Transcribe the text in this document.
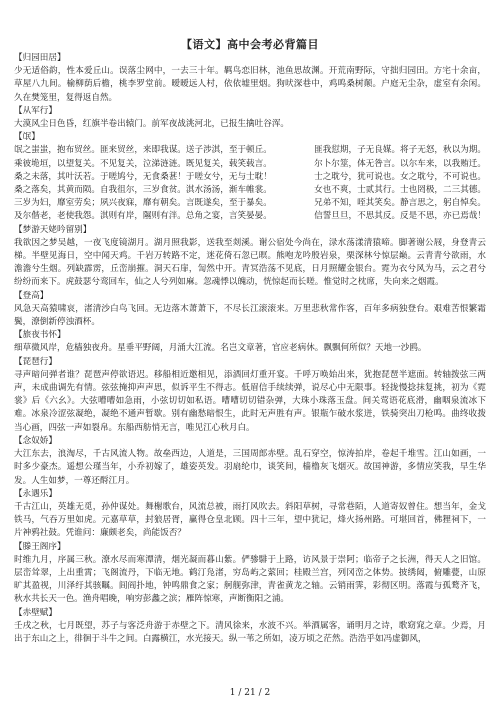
【语文】高中会考必背篇目
【归园田居】
少无适俗韵，性本爱丘山。误落尘网中，一去三十年。羁鸟恋旧林，池鱼思故渊。开荒南野际，守拙归园田。方宅十余亩，草屋八九间。榆柳荫后檐，桃李罗堂前。暧暧远人村，依依墟里烟。狗吠深巷中，鸡鸣桑树颠。户庭无尘杂，虚室有余闲。久在樊笼里，复得返自然。
【从军行】
大漠风尘日色昏，红旗半卷出辕门。前军夜战洮河北，已报生擒吐谷浑。
【氓】
氓之蚩蚩，抱布贸丝。匪来贸丝，来即我谋。送子涉淇，至于顿丘。	匪我愆期，子无良媒。将子无怒，秋以为期。
乘彼垝垣，以望复关。不见复关，泣涕涟涟。既见复关，载笑载言。	尔卜尔筮，体无咎言。以尔车来，以我贿迁。
桑之未落，其叶沃若。于嗟鸠兮，无食桑葚！于嗟女兮，无与士耽！	士之耽兮，犹可说也。女之耽兮，不可说也。
桑之落矣，其黄而陨。自我徂尔，三岁食贫。淇水汤汤，渐车帷裳。	女也不爽，士贰其行。士也罔极，二三其德。
三岁为妇，靡室劳矣；夙兴夜寐，靡有朝矣。言既遂矣，至于暴矣。	兄弟不知，咥其笑矣。静言思之，躬自悼矣。
及尔偕老，老使我怨。淇则有岸，隰则有泮。总角之宴，言笑晏晏。	信誓旦旦，不思其反。反是不思，亦已焉哉！
【梦游天姥吟留别】
我欲因之梦吴越，一夜飞度镜湖月。湖月照我影，送我至剡溪。谢公宿处今尚在，渌水荡漾清猿啼。脚著谢公屐，身登青云梯。半壁见海日，空中闻天鸡。千岩万转路不定，迷花倚石忽已暝。熊咆龙吟殷岩泉，栗深林兮惊层巅。云青青兮欲雨，水澹澹兮生烟。列缺霹雳，丘峦崩摧。洞天石扉，訇然中开。青冥浩荡不见底，日月照耀金银台。霓为衣兮风为马，云之君兮纷纷而来下。虎鼓瑟兮鸾回车，仙之人兮列如麻。忽魂悸以魄动，恍惊起而长嗟。惟觉时之枕席，失向来之烟霞。
【登高】
风急天高猿啸哀，渚清沙白鸟飞回。无边落木萧萧下，不尽长江滚滚来。万里悲秋常作客，百年多病独登台。艰难苦恨繁霜鬓，潦倒新停浊酒杯。
【旅夜书怀】
细草微风岸，危樯独夜舟。星垂平野阔，月涌大江流。名岂文章著，官应老病休。飘飘何所似？天地一沙鸥。
【琵琶行】
寻声暗问弹者谁？琵琶声停欲语迟。移船相近邀相见，添酒回灯重开宴。千呼万唤始出来，犹抱琵琶半遮面。转轴拨弦三两声，未成曲调先有情。弦弦掩抑声声思，似诉平生不得志。低眉信手续续弹，说尽心中无限事。轻拢慢捻抹复挑，初为《霓裳》后《六幺》。大弦嘈嘈如急雨，小弦切切如私语。嘈嘈切切错杂弹，大珠小珠落玉盘。间关莺语花底滑，幽咽泉流冰下难。冰泉冷涩弦凝绝，凝绝不通声暂歇。别有幽愁暗恨生，此时无声胜有声。银瓶乍破水浆迸，铁骑突出刀枪鸣。曲终收拨当心画，四弦一声如裂帛。东船西舫悄无言，唯见江心秋月白。
【念奴娇】
大江东去，浪淘尽，千古风流人物。故垒西边，人道是，三国周郎赤壁。乱石穿空，惊涛拍岸，卷起千堆雪。江山如画，一时多少豪杰。遥想公瑾当年，小乔初嫁了，雄姿英发。羽扇纶巾，谈笑间，樯橹灰飞烟灭。故国神游，多情应笑我，早生华发。人生如梦，一尊还酹江月。
【永遇乐】
千古江山，英雄无觅，孙仲谋处。舞榭歌台，风流总被，雨打风吹去。斜阳草树，寻常巷陌，人道寄奴曾住。想当年，金戈铁马，气吞万里如虎。元嘉草草，封狼居胥，赢得仓皇北顾。四十三年，望中犹记，烽火扬州路。可堪回首，佛狸祠下，一片神鸦社鼓。凭谁问：廉颇老矣，尚能饭否？
【滕王阁序】
时维九月，序属三秋。潦水尽而寒潭清，烟光凝而暮山紫。俨骖騑于上路，访风景于崇阿；临帝子之长洲，得天人之旧馆。层峦耸翠，上出重霄；飞阁流丹，下临无地。鹤汀凫渚，穷岛屿之萦回；桂殿兰宫，列冈峦之体势。披绣闼，俯雕甍，山原旷其盈视，川泽纡其骇瞩。闾阎扑地，钟鸣鼎食之家；舸舰弥津，青雀黄龙之轴。云销雨霁，彩彻区明。落霞与孤鹜齐飞，秋水共长天一色。渔舟唱晚，响穷彭蠡之滨；雁阵惊寒，声断衡阳之浦。
【赤壁赋】
壬戌之秋，七月既望，苏子与客泛舟游于赤壁之下。清风徐来，水波不兴。举酒属客，诵明月之诗，歌窈窕之章。少焉，月出于东山之上，徘徊于斗牛之间。白露横江，水光接天。纵一苇之所如，凌万顷之茫然。浩浩乎如冯虚御风，
1 / 21 / 2
